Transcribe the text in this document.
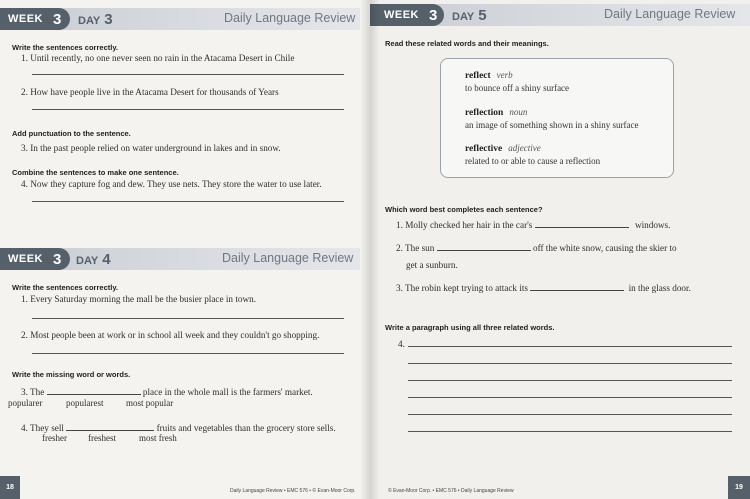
WEEK 3 DAY 3	Daily Language Review
Write the sentences correctly.
1. Until recently, no one never seen no rain in the Atacama Desert in Chile
2. How have people live in the Atacama Desert for thousands of Years
Add punctuation to the sentence.
3. In the past people relied on water underground in lakes and in snow.
Combine the sentences to make one sentence.
4. Now they capture fog and dew. They use nets. They store the water to use later.
WEEK 3 DAY 4	Daily Language Review
Write the sentences correctly.
1. Every Saturday morning the mall be the busier place in town.
2. Most people been at work or in school all week and they couldn't go shopping.
Write the missing word or words.
3. The	place in the whole mall is the farmers' market.
popularer	popularest	most popular
4. They sell	fruits and vegetables than the grocery store sells.
fresher freshest	most fresh
18	Daily Language Review • EMC 576 • © Evan-Moor Corp.
WEEK 3 DAY 5	Daily Language Review
Read these related words and their meanings.
reflect verb
to bounce off a shiny surface
reflection noun
an image of something shown in a shiny surface
reflective adjective
related to or able to cause a reflection
Which word best completes each sentence?
1. Molly checked her hair in the car's	windows.
2. The sun	off the white snow, causing the skier to
get a sunburn.
3. The robin kept trying to attack its	in the glass door.
Write a paragraph using all three related words.
4.
© Evan-Moor Corp. • EMC 576 • Daily Language Review	19
